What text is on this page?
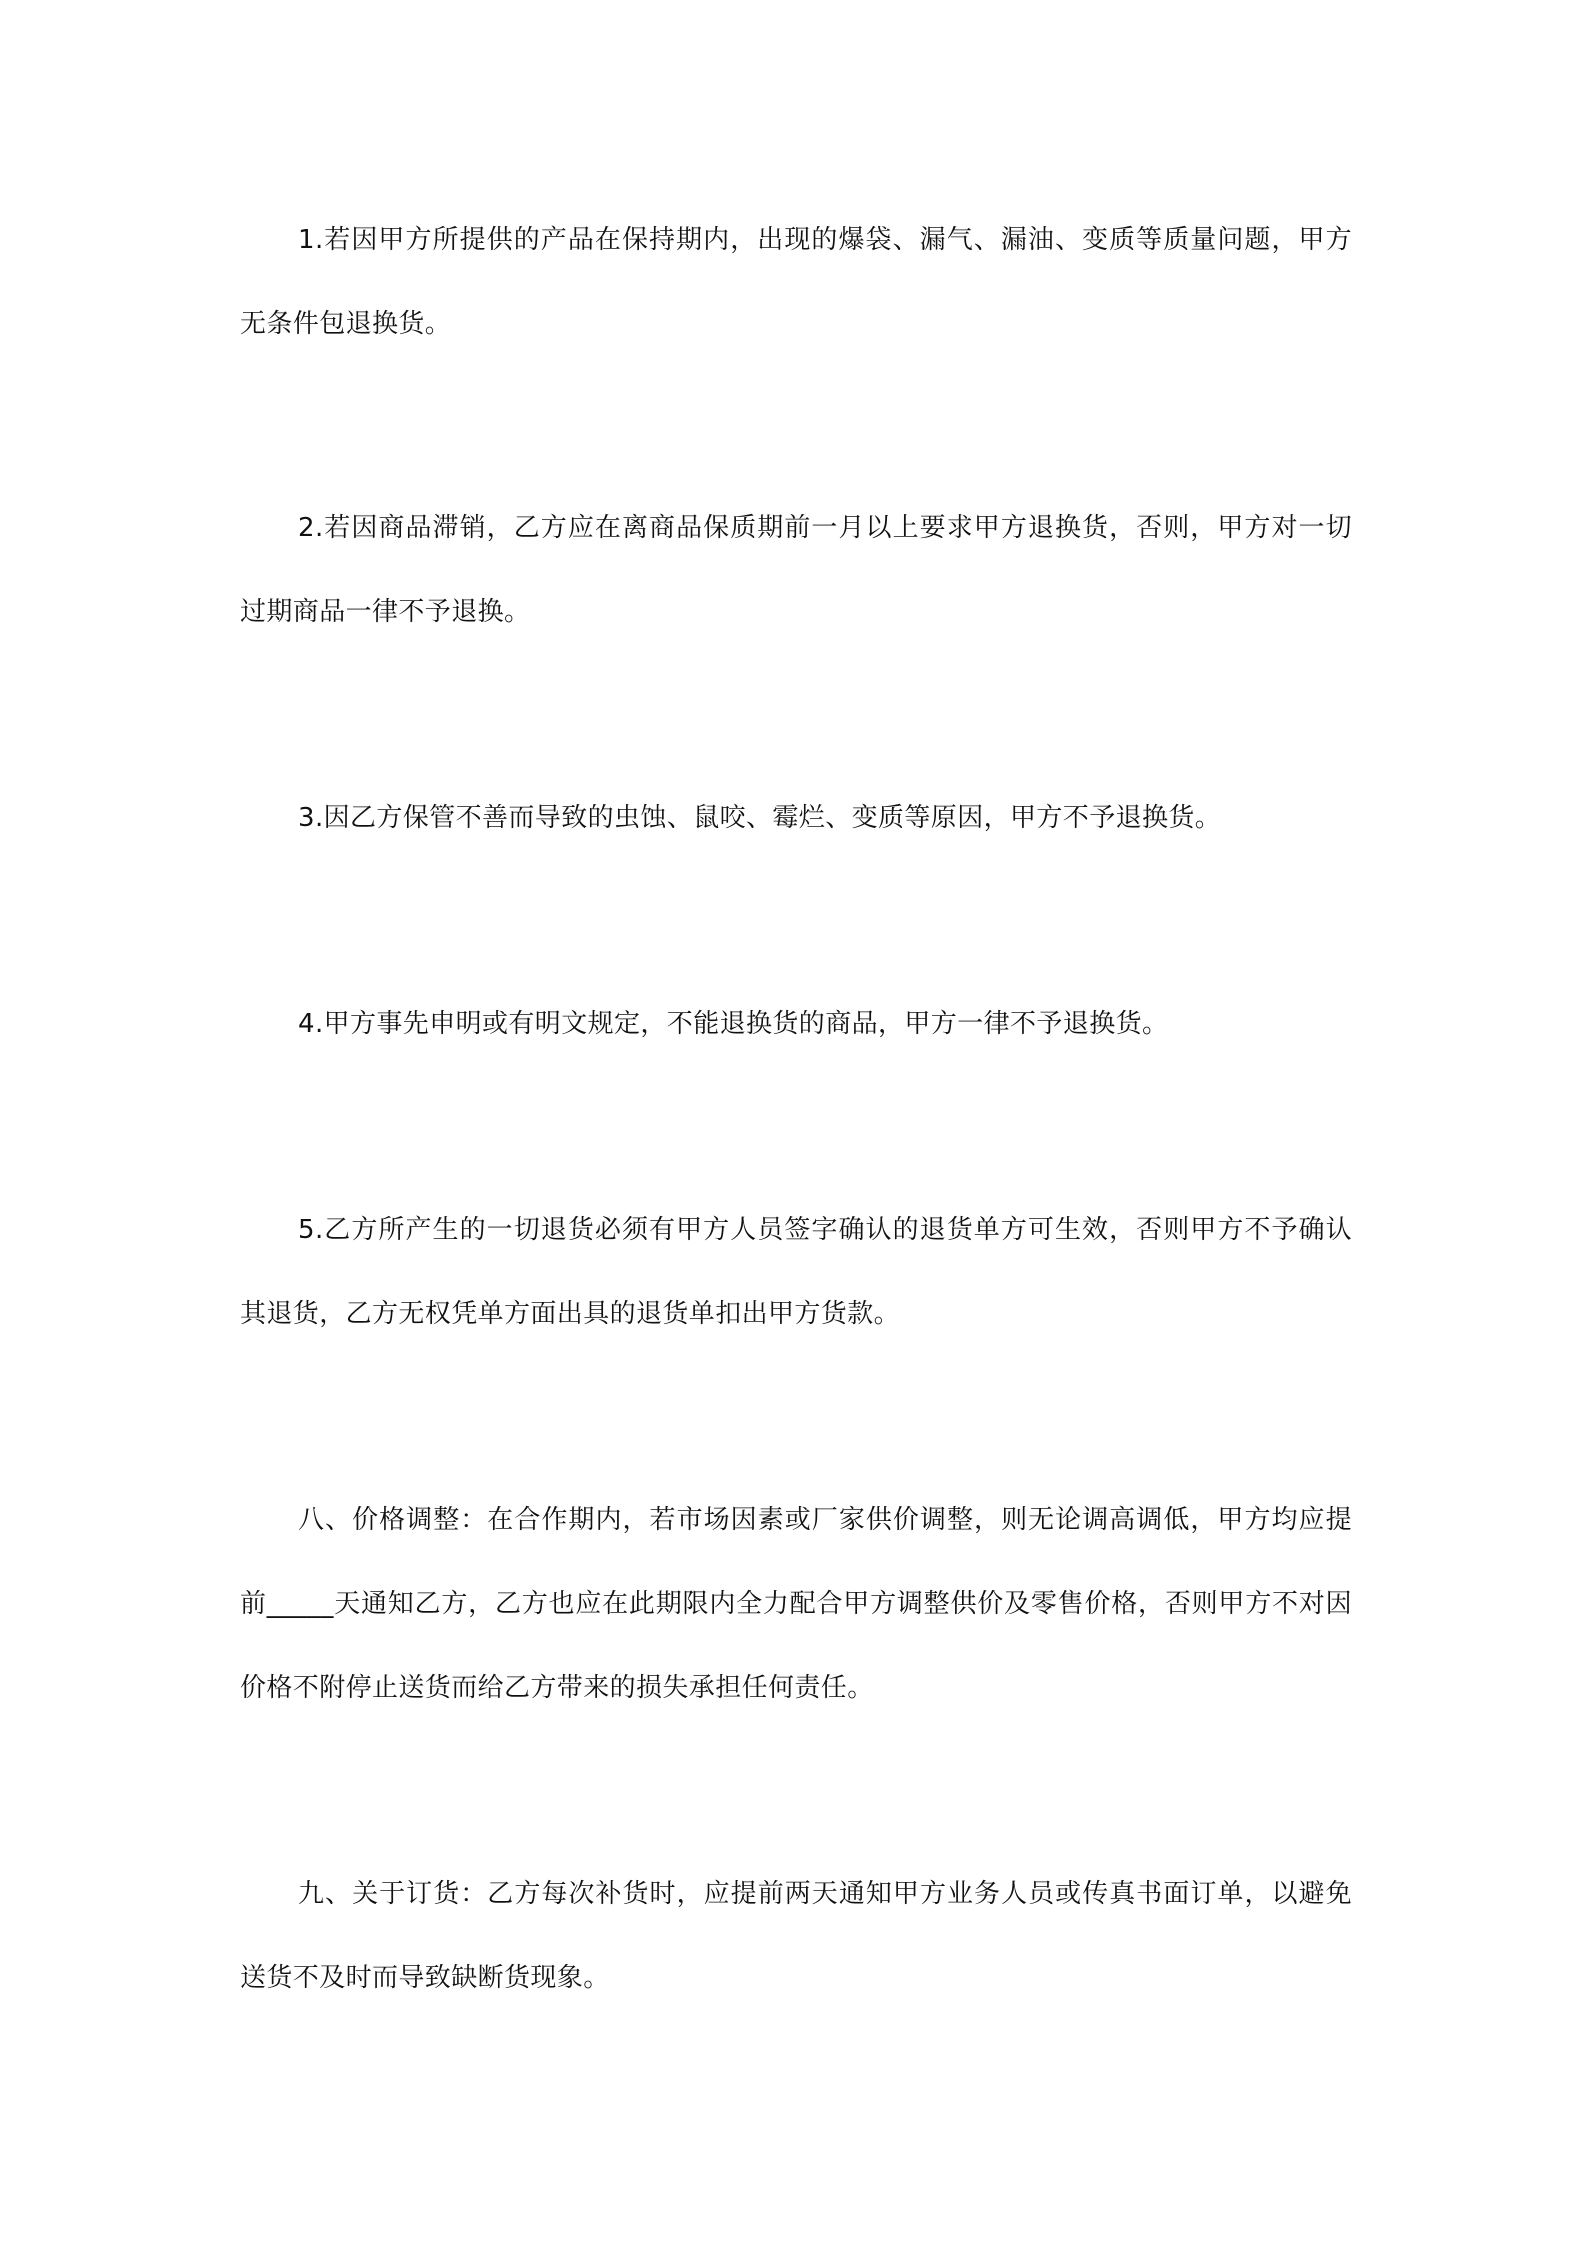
1.若因甲方所提供的产品在保持期内，出现的爆袋、漏气、漏油、变质等质量问题，甲方无条件包退换货。

2.若因商品滞销，乙方应在离商品保质期前一月以上要求甲方退换货，否则，甲方对一切过期商品一律不予退换。

3.因乙方保管不善而导致的虫蚀、鼠咬、霉烂、变质等原因，甲方不予退换货。

4.甲方事先申明或有明文规定，不能退换货的商品，甲方一律不予退换货。

5.乙方所产生的一切退货必须有甲方人员签字确认的退货单方可生效，否则甲方不予确认其退货，乙方无权凭单方面出具的退货单扣出甲方货款。

八、价格调整：在合作期内，若市场因素或厂家供价调整，则无论调高调低，甲方均应提前_____天通知乙方，乙方也应在此期限内全力配合甲方调整供价及零售价格，否则甲方不对因价格不附停止送货而给乙方带来的损失承担任何责任。

九、关于订货：乙方每次补货时，应提前两天通知甲方业务人员或传真书面订单，以避免送货不及时而导致缺断货现象。
